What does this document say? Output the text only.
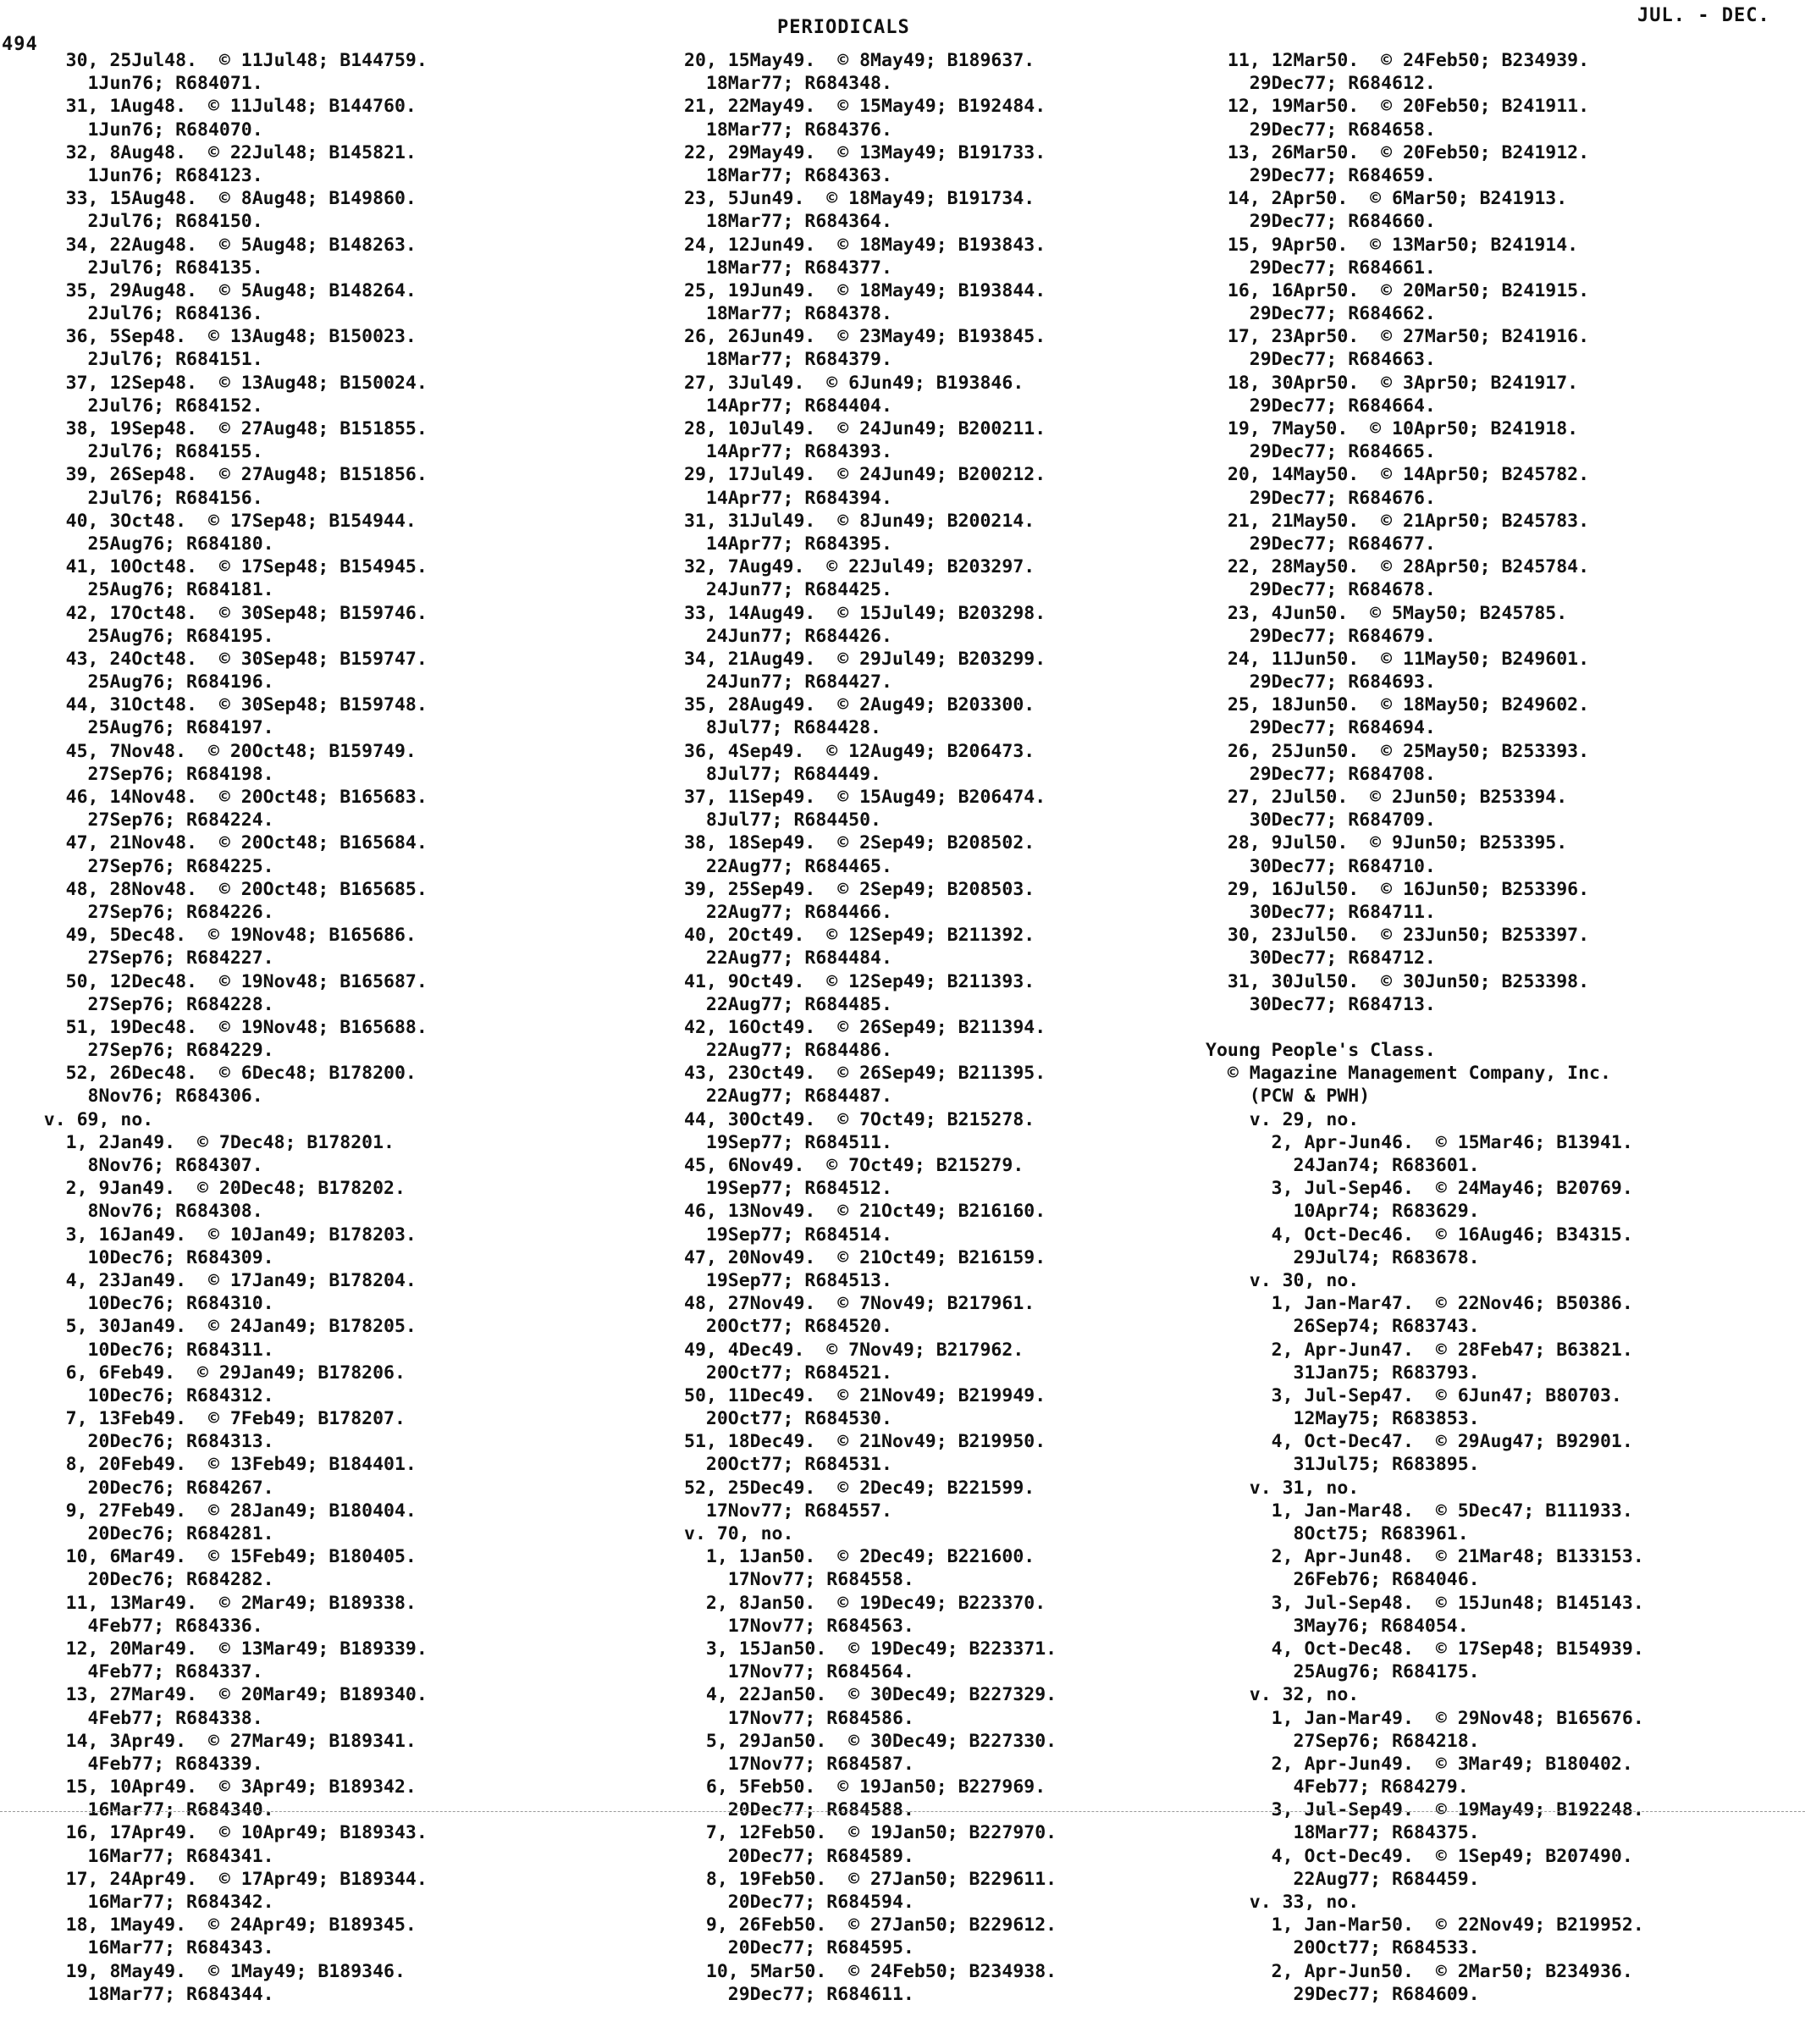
494
PERIODICALS
JUL. - DEC.
30, 25Jul48.  © 11Jul48; B144759.
1Jun76; R684071.
31, 1Aug48.  © 11Jul48; B144760.
1Jun76; R684070.
32, 8Aug48.  © 22Jul48; B145821.
1Jun76; R684123.
33, 15Aug48.  © 8Aug48; B149860.
2Jul76; R684150.
34, 22Aug48.  © 5Aug48; B148263.
2Jul76; R684135.
35, 29Aug48.  © 5Aug48; B148264.
2Jul76; R684136.
36, 5Sep48.  © 13Aug48; B150023.
2Jul76; R684151.
37, 12Sep48.  © 13Aug48; B150024.
2Jul76; R684152.
38, 19Sep48.  © 27Aug48; B151855.
2Jul76; R684155.
39, 26Sep48.  © 27Aug48; B151856.
2Jul76; R684156.
40, 3Oct48.  © 17Sep48; B154944.
25Aug76; R684180.
41, 10Oct48.  © 17Sep48; B154945.
25Aug76; R684181.
42, 17Oct48.  © 30Sep48; B159746.
25Aug76; R684195.
43, 24Oct48.  © 30Sep48; B159747.
25Aug76; R684196.
44, 31Oct48.  © 30Sep48; B159748.
25Aug76; R684197.
45, 7Nov48.  © 20Oct48; B159749.
27Sep76; R684198.
46, 14Nov48.  © 20Oct48; B165683.
27Sep76; R684224.
47, 21Nov48.  © 20Oct48; B165684.
27Sep76; R684225.
48, 28Nov48.  © 20Oct48; B165685.
27Sep76; R684226.
49, 5Dec48.  © 19Nov48; B165686.
27Sep76; R684227.
50, 12Dec48.  © 19Nov48; B165687.
27Sep76; R684228.
51, 19Dec48.  © 19Nov48; B165688.
27Sep76; R684229.
52, 26Dec48.  © 6Dec48; B178200.
8Nov76; R684306.
v. 69, no.
1, 2Jan49.  © 7Dec48; B178201.
8Nov76; R684307.
2, 9Jan49.  © 20Dec48; B178202.
8Nov76; R684308.
3, 16Jan49.  © 10Jan49; B178203.
10Dec76; R684309.
4, 23Jan49.  © 17Jan49; B178204.
10Dec76; R684310.
5, 30Jan49.  © 24Jan49; B178205.
10Dec76; R684311.
6, 6Feb49.  © 29Jan49; B178206.
10Dec76; R684312.
7, 13Feb49.  © 7Feb49; B178207.
20Dec76; R684313.
8, 20Feb49.  © 13Feb49; B184401.
20Dec76; R684267.
9, 27Feb49.  © 28Jan49; B180404.
20Dec76; R684281.
10, 6Mar49.  © 15Feb49; B180405.
20Dec76; R684282.
11, 13Mar49.  © 2Mar49; B189338.
4Feb77; R684336.
12, 20Mar49.  © 13Mar49; B189339.
4Feb77; R684337.
13, 27Mar49.  © 20Mar49; B189340.
4Feb77; R684338.
14, 3Apr49.  © 27Mar49; B189341.
4Feb77; R684339.
15, 10Apr49.  © 3Apr49; B189342.
16Mar77; R684340.
16, 17Apr49.  © 10Apr49; B189343.
16Mar77; R684341.
17, 24Apr49.  © 17Apr49; B189344.
16Mar77; R684342.
18, 1May49.  © 24Apr49; B189345.
16Mar77; R684343.
19, 8May49.  © 1May49; B189346.
18Mar77; R684344.
20, 15May49.  © 8May49; B189637.
18Mar77; R684348.
21, 22May49.  © 15May49; B192484.
18Mar77; R684376.
22, 29May49.  © 13May49; B191733.
18Mar77; R684363.
23, 5Jun49.  © 18May49; B191734.
18Mar77; R684364.
24, 12Jun49.  © 18May49; B193843.
18Mar77; R684377.
25, 19Jun49.  © 18May49; B193844.
18Mar77; R684378.
26, 26Jun49.  © 23May49; B193845.
18Mar77; R684379.
27, 3Jul49.  © 6Jun49; B193846.
14Apr77; R684404.
28, 10Jul49.  © 24Jun49; B200211.
14Apr77; R684393.
29, 17Jul49.  © 24Jun49; B200212.
14Apr77; R684394.
31, 31Jul49.  © 8Jun49; B200214.
14Apr77; R684395.
32, 7Aug49.  © 22Jul49; B203297.
24Jun77; R684425.
33, 14Aug49.  © 15Jul49; B203298.
24Jun77; R684426.
34, 21Aug49.  © 29Jul49; B203299.
24Jun77; R684427.
35, 28Aug49.  © 2Aug49; B203300.
8Jul77; R684428.
36, 4Sep49.  © 12Aug49; B206473.
8Jul77; R684449.
37, 11Sep49.  © 15Aug49; B206474.
8Jul77; R684450.
38, 18Sep49.  © 2Sep49; B208502.
22Aug77; R684465.
39, 25Sep49.  © 2Sep49; B208503.
22Aug77; R684466.
40, 2Oct49.  © 12Sep49; B211392.
22Aug77; R684484.
41, 9Oct49.  © 12Sep49; B211393.
22Aug77; R684485.
42, 16Oct49.  © 26Sep49; B211394.
22Aug77; R684486.
43, 23Oct49.  © 26Sep49; B211395.
22Aug77; R684487.
44, 30Oct49.  © 7Oct49; B215278.
19Sep77; R684511.
45, 6Nov49.  © 7Oct49; B215279.
19Sep77; R684512.
46, 13Nov49.  © 21Oct49; B216160.
19Sep77; R684514.
47, 20Nov49.  © 21Oct49; B216159.
19Sep77; R684513.
48, 27Nov49.  © 7Nov49; B217961.
20Oct77; R684520.
49, 4Dec49.  © 7Nov49; B217962.
20Oct77; R684521.
50, 11Dec49.  © 21Nov49; B219949.
20Oct77; R684530.
51, 18Dec49.  © 21Nov49; B219950.
20Oct77; R684531.
52, 25Dec49.  © 2Dec49; B221599.
17Nov77; R684557.
v. 70, no.
1, 1Jan50.  © 2Dec49; B221600.
17Nov77; R684558.
2, 8Jan50.  © 19Dec49; B223370.
17Nov77; R684563.
3, 15Jan50.  © 19Dec49; B223371.
17Nov77; R684564.
4, 22Jan50.  © 30Dec49; B227329.
17Nov77; R684586.
5, 29Jan50.  © 30Dec49; B227330.
17Nov77; R684587.
6, 5Feb50.  © 19Jan50; B227969.
20Dec77; R684588.
7, 12Feb50.  © 19Jan50; B227970.
20Dec77; R684589.
8, 19Feb50.  © 27Jan50; B229611.
20Dec77; R684594.
9, 26Feb50.  © 27Jan50; B229612.
20Dec77; R684595.
10, 5Mar50.  © 24Feb50; B234938.
29Dec77; R684611.
11, 12Mar50.  © 24Feb50; B234939.
29Dec77; R684612.
12, 19Mar50.  © 20Feb50; B241911.
29Dec77; R684658.
13, 26Mar50.  © 20Feb50; B241912.
29Dec77; R684659.
14, 2Apr50.  © 6Mar50; B241913.
29Dec77; R684660.
15, 9Apr50.  © 13Mar50; B241914.
29Dec77; R684661.
16, 16Apr50.  © 20Mar50; B241915.
29Dec77; R684662.
17, 23Apr50.  © 27Mar50; B241916.
29Dec77; R684663.
18, 30Apr50.  © 3Apr50; B241917.
29Dec77; R684664.
19, 7May50.  © 10Apr50; B241918.
29Dec77; R684665.
20, 14May50.  © 14Apr50; B245782.
29Dec77; R684676.
21, 21May50.  © 21Apr50; B245783.
29Dec77; R684677.
22, 28May50.  © 28Apr50; B245784.
29Dec77; R684678.
23, 4Jun50.  © 5May50; B245785.
29Dec77; R684679.
24, 11Jun50.  © 11May50; B249601.
29Dec77; R684693.
25, 18Jun50.  © 18May50; B249602.
29Dec77; R684694.
26, 25Jun50.  © 25May50; B253393.
29Dec77; R684708.
27, 2Jul50.  © 2Jun50; B253394.
30Dec77; R684709.
28, 9Jul50.  © 9Jun50; B253395.
30Dec77; R684710.
29, 16Jul50.  © 16Jun50; B253396.
30Dec77; R684711.
30, 23Jul50.  © 23Jun50; B253397.
30Dec77; R684712.
31, 30Jul50.  © 30Jun50; B253398.
30Dec77; R684713.
Young People's Class.
© Magazine Management Company, Inc.
(PCW & PWH)
v. 29, no.
2, Apr-Jun46.  © 15Mar46; B13941.
24Jan74; R683601.
3, Jul-Sep46.  © 24May46; B20769.
10Apr74; R683629.
4, Oct-Dec46.  © 16Aug46; B34315.
29Jul74; R683678.
v. 30, no.
1, Jan-Mar47.  © 22Nov46; B50386.
26Sep74; R683743.
2, Apr-Jun47.  © 28Feb47; B63821.
31Jan75; R683793.
3, Jul-Sep47.  © 6Jun47; B80703.
12May75; R683853.
4, Oct-Dec47.  © 29Aug47; B92901.
31Jul75; R683895.
v. 31, no.
1, Jan-Mar48.  © 5Dec47; B111933.
8Oct75; R683961.
2, Apr-Jun48.  © 21Mar48; B133153.
26Feb76; R684046.
3, Jul-Sep48.  © 15Jun48; B145143.
3May76; R684054.
4, Oct-Dec48.  © 17Sep48; B154939.
25Aug76; R684175.
v. 32, no.
1, Jan-Mar49.  © 29Nov48; B165676.
27Sep76; R684218.
2, Apr-Jun49.  © 3Mar49; B180402.
4Feb77; R684279.
3, Jul-Sep49.  © 19May49; B192248.
18Mar77; R684375.
4, Oct-Dec49.  © 1Sep49; B207490.
22Aug77; R684459.
v. 33, no.
1, Jan-Mar50.  © 22Nov49; B219952.
20Oct77; R684533.
2, Apr-Jun50.  © 2Mar50; B234936.
29Dec77; R684609.
